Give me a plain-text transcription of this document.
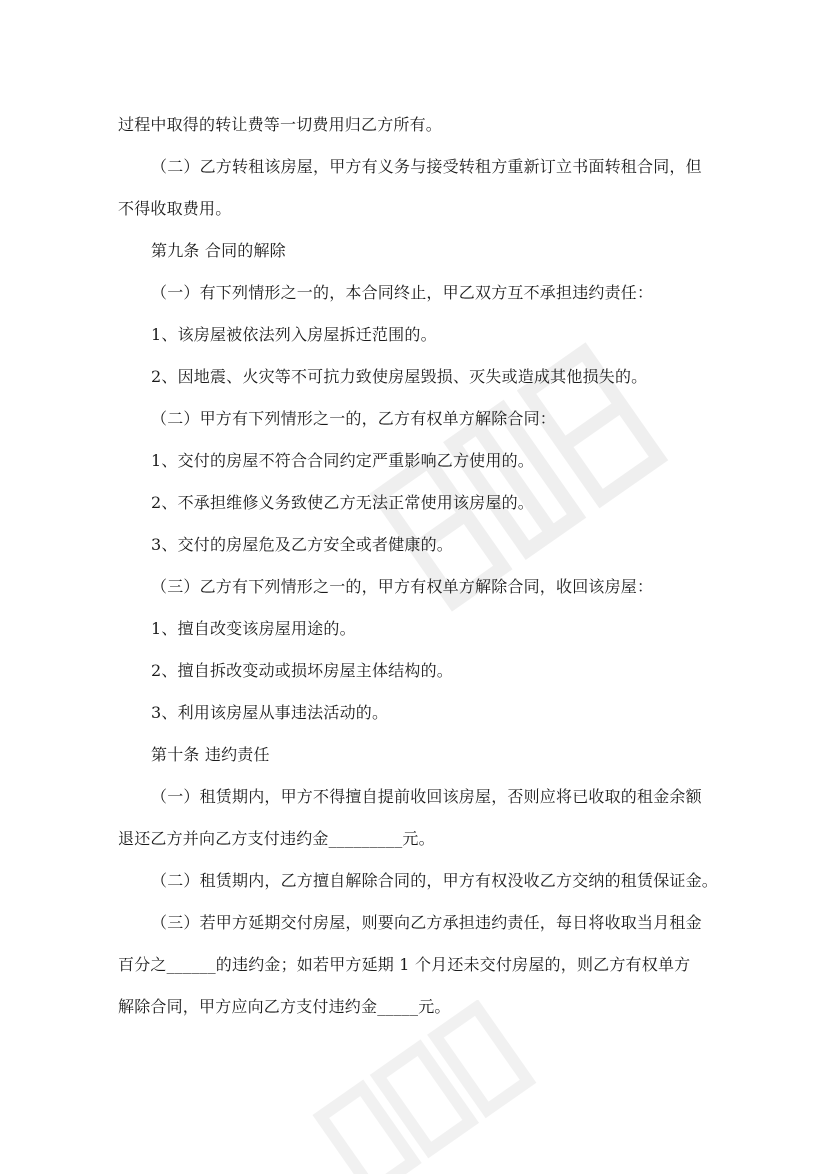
过程中取得的转让费等一切费用归乙方所有。
（二）乙方转租该房屋，甲方有义务与接受转租方重新订立书面转租合同，但
不得收取费用。
第九条 合同的解除
（一）有下列情形之一的，本合同终止，甲乙双方互不承担违约责任：
1、该房屋被依法列入房屋拆迁范围的。
2、因地震、火灾等不可抗力致使房屋毁损、灭失或造成其他损失的。
（二）甲方有下列情形之一的，乙方有权单方解除合同：
1、交付的房屋不符合合同约定严重影响乙方使用的。
2、不承担维修义务致使乙方无法正常使用该房屋的。
3、交付的房屋危及乙方安全或者健康的。
（三）乙方有下列情形之一的，甲方有权单方解除合同，收回该房屋：
1、擅自改变该房屋用途的。
2、擅自拆改变动或损坏房屋主体结构的。
3、利用该房屋从事违法活动的。
第十条 违约责任
（一）租赁期内，甲方不得擅自提前收回该房屋，否则应将已收取的租金余额
退还乙方并向乙方支付违约金_________元。
（二）租赁期内，乙方擅自解除合同的，甲方有权没收乙方交纳的租赁保证金。
（三）若甲方延期交付房屋，则要向乙方承担违约责任，每日将收取当月租金
百分之______的违约金；如若甲方延期 1 个月还未交付房屋的，则乙方有权单方
解除合同，甲方应向乙方支付违约金_____元。
